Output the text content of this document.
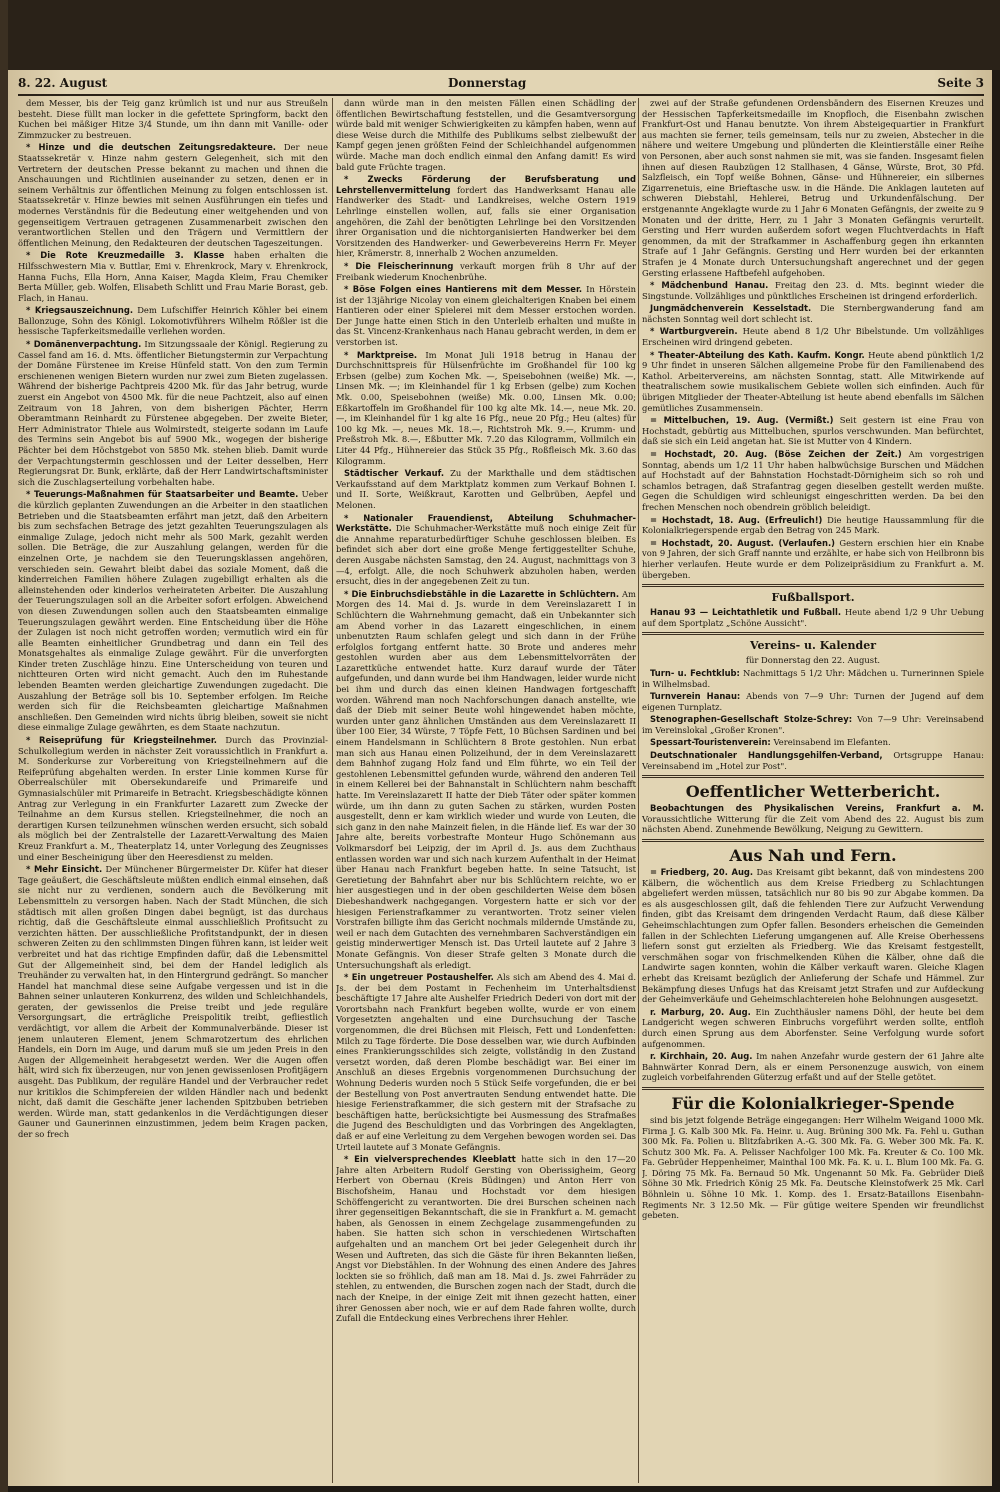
8. 22. August	Donnerstag	Seite 3

dem Messer, bis der Teig ganz krümlich ist und nur aus Streußeln besteht. Diese füllt man locker in die gefettete Springform, backt den Kuchen bei mäßiger Hitze 3/4 Stunde, um ihn dann mit Vanille- oder Zimmzucker zu bestreuen.

* Hinze und die deutschen Zeitungsredakteure. Der neue Staatssekretär v. Hinze nahm gestern Gelegenheit, sich mit den Vertretern der deutschen Presse bekannt zu machen und ihnen die Anschauungen und Richtlinien auseinander zu setzen, denen er in seinem Verhältnis zur öffentlichen Meinung zu folgen entschlossen ist. Staatssekretär v. Hinze bewies mit seinen Ausführungen ein tiefes und modernes Verständnis für die Bedeutung einer weitgehenden und von gegenseitigem Vertrauen getragenen Zusammenarbeit zwischen den verantwortlichen Stellen und den Trägern und Vermittlern der öffentlichen Meinung, den Redakteuren der deutschen Tageszeitungen.

* Die Rote Kreuzmedaille 3. Klasse haben erhalten die Hilfsschwestern Mia v. Buttlar, Emi v. Ehrenkrock, Mary v. Ehrenkrock, Hanna Fuchs, Ella Horn, Anna Kaiser, Magda Kleim, Frau Chemiker Berta Müller, geb. Wolfen, Elisabeth Schlitt und Frau Marie Borast, geb. Flach, in Hanau.

* Kriegsauszeichnung. Dem Lufschiffer Heinrich Köhler bei einem Ballonzuge, Sohn des Königl. Lokomotivführers Wilhelm Rößler ist die hessische Tapferkeitsmedaille verliehen worden.

* Domänenverpachtung. Im Sitzungssaale der Königl. Regierung zu Cassel fand am 16. d. Mts. öffentlicher Bietungstermin zur Verpachtung der Domäne Fürstenee im Kreise Hünfeld statt. Von den zum Termin erschienenen wenigen Bietern wurden nur zwei zum Bieten zugelassen. Während der bisherige Pachtpreis 4200 Mk. für das Jahr betrug, wurde zuerst ein Angebot von 4500 Mk. für die neue Pachtzeit, also auf einen Zeitraum von 18 Jahren, von dem bisherigen Pächter, Herrn Oberamtmann Reinhardt zu Fürstenee abgegeben. Der zweite Bieter, Herr Administrator Thiele aus Wolmirstedt, steigerte sodann im Laufe des Termins sein Angebot bis auf 5900 Mk., wogegen der bisherige Pächter bei dem Höchstgebot von 5850 Mk. stehen blieb. Damit wurde der Verpachtungstermin geschlossen und der Leiter desselben, Herr Regierungsrat Dr. Bunk, erklärte, daß der Herr Landwirtschaftsminister sich die Zuschlagserteilung vorbehalten habe.

* Teuerungs-Maßnahmen für Staatsarbeiter und Beamte. Ueber die kürzlich geplanten Zuwendungen an die Arbeiter in den staatlichen Betrieben und die Staatsbeamten erfährt man jetzt, daß den Arbeitern bis zum sechsfachen Betrage des jetzt gezahlten Teuerungszulagen als einmalige Zulage, jedoch nicht mehr als 500 Mark, gezahlt werden sollen. Die Beträge, die zur Auszahlung gelangen, werden für die einzelnen Orte, je nachdem sie den Teuerungsklassen angehören, verschieden sein. Gewahrt bleibt dabei das soziale Moment, daß die kinderreichen Familien höhere Zulagen zugebilligt erhalten als die alleinstehenden oder kinderlos verheirateten Arbeiter. Die Auszahlung der Teuerungszulagen soll an die Arbeiter sofort erfolgen. Abweichend von diesen Zuwendungen sollen auch den Staatsbeamten einmalige Teuerungszulagen gewährt werden. Eine Entscheidung über die Höhe der Zulagen ist noch nicht getroffen worden; vermutlich wird ein für alle Beamten einheitlicher Grundbetrag und dann ein Teil des Monatsgehaltes als einmalige Zulage gewährt. Für die unverforgten Kinder treten Zuschläge hinzu. Eine Unterscheidung von teuren und nichtteuren Orten wird nicht gemacht. Auch den im Ruhestande lebenden Beamten werden gleichartige Zuwendungen zugedacht. Die Auszahlung der Beträge soll bis 10. September erfolgen. Im Reiche werden sich für die Reichsbeamten gleichartige Maßnahmen anschließen. Den Gemeinden wird nichts übrig bleiben, soweit sie nicht diese einmalige Zulage gewährten, es dem Staate nachzutun.

* Reiseprüfung für Kriegsteilnehmer. Durch das Provinzial-Schulkollegium werden in nächster Zeit voraussichtlich in Frankfurt a. M. Sonderkurse zur Vorbereitung von Kriegsteilnehmern auf die Reifeprüfung abgehalten werden. In erster Linie kommen Kurse für Oberrealschüler mit Obersekundareife und Primareife und Gymnasialschüler mit Primareife in Betracht. Kriegsbeschädigte können Antrag zur Verlegung in ein Frankfurter Lazarett zum Zwecke der Teilnahme an dem Kursus stellen. Kriegsteilnehmer, die noch an derartigen Kursen teilzunehmen wünschen werden ersucht, sich sobald als möglich bei der Zentralstelle der Lazarett-Verwaltung des Maien Kreuz Frankfurt a. M., Theaterplatz 14, unter Vorlegung des Zeugnisses und einer Bescheinigung über den Heeresdienst zu melden.

* Mehr Einsicht. Der Münchener Bürgermeister Dr. Küfer hat dieser Tage geäußert, die Geschäftsleute müßten endlich einmal einsehen, daß sie nicht nur zu verdienen, sondern auch die Bevölkerung mit Lebensmitteln zu versorgen haben. Nach der Stadt München, die sich städtisch mit allen großen Dingen dabei begnügt, ist das durchaus richtig, daß die Geschäftsleute einmal ausschließlich Profitsucht zu verzichten hätten. Der ausschließliche Profitstandpunkt, der in diesen schweren Zeiten zu den schlimmsten Dingen führen kann, ist leider weit verbreitet und hat das richtige Empfinden dafür, daß die Lebensmittel Gut der Allgemeinheit sind, bei dem der Handel lediglich als Treuhänder zu verwalten hat, in den Hintergrund gedrängt. So mancher Handel hat manchmal diese seine Aufgabe vergessen und ist in die Bahnen seiner unlauteren Konkurrenz, des wilden und Schleichhandels, geraten, der gewissenlos die Preise treibt und jede reguläre Versorgungsart, die erträgliche Preispolitik treibt, gefliestlich verdächtigt, vor allem die Arbeit der Kommunalverbände. Dieser ist jenem unlauteren Element, jenem Schmarotzertum des ehrlichen Handels, ein Dorn im Auge, und darum muß sie um jeden Preis in den Augen der Allgemeinheit herabgesetzt werden. Wer die Augen offen hält, wird sich fix überzeugen, nur von jenen gewissenlosen Profitjägern ausgeht. Das Publikum, der reguläre Handel und der Verbraucher redet nur kritiklos die Schimpfereien der wilden Händler nach und bedenkt nicht, daß damit die Geschäfte jener lachenden Spitzbuben betrieben werden. Würde man, statt gedankenlos in die Verdächtigungen dieser Gauner und Gaunerinnen einzustimmen, jedem beim Kragen packen, der so frech

dann würde man in den meisten Fällen einen Schädling der öffentlichen Bewirtschaftung feststellen, und die Gesamtversorgung würde bald mit weniger Schwierigkeiten zu kämpfen haben, wenn auf diese Weise durch die Mithilfe des Publikums selbst zielbewußt der Kampf gegen jenen größten Feind der Schleichhandel aufgenommen würde. Mache man doch endlich einmal den Anfang damit! Es wird bald gute Früchte tragen.

* Zwecks Förderung der Berufsberatung und Lehrstellenvermittelung fordert das Handwerksamt Hanau alle Handwerker des Stadt- und Landkreises, welche Ostern 1919 Lehrlinge einstellen wollen, auf, falls sie einer Organisation angehören, die Zahl der benötigten Lehrlinge bei den Vorsitzenden ihrer Organisation und die nichtorganisierten Handwerker bei dem Vorsitzenden des Handwerker- und Gewerbevereins Herrn Fr. Meyer hier, Krämerstr. 8, innerhalb 2 Wochen anzumelden.

* Die Fleischerinnung verkauft morgen früh 8 Uhr auf der Freibank wiederum Knochenbrühe.

* Böse Folgen eines Hantierens mit dem Messer. In Hörstein ist der 13jährige Nicolay von einem gleichalterigen Knaben bei einem Hantieren oder einer Spielerei mit dem Messer erstochen worden. Der Junge hatte einen Stich in den Unterleib erhalten und mußte in das St. Vincenz-Krankenhaus nach Hanau gebracht werden, in dem er verstorben ist.

* Marktpreise. Im Monat Juli 1918 betrug in Hanau der Durchschnittspreis für Hülsenfrüchte im Großhandel für 100 kg Erbsen (gelbe) zum Kochen Mk. —, Speisebohnen (weiße) Mk. —, Linsen Mk. —; im Kleinhandel für 1 kg Erbsen (gelbe) zum Kochen Mk. 0.00, Speisebohnen (weiße) Mk. 0.00, Linsen Mk. 0.00; Eßkartoffeln im Großhandel für 100 kg alte Mk. 14.—, neue Mk. 20.—, im Kleinhandel für 1 kg alte 16 Pfg., neue 20 Pfg.; Heu (altes) für 100 kg Mk. —, neues Mk. 18.—, Richtstroh Mk. 9.—, Krumm- und Preßstroh Mk. 8.—, Eßbutter Mk. 7.20 das Kilogramm, Vollmilch ein Liter 44 Pfg., Hühnereier das Stück 35 Pfg., Roßfleisch Mk. 3.60 das Kilogramm.

Städtischer Verkauf. Zu der Markthalle und dem städtischen Verkaufsstand auf dem Marktplatz kommen zum Verkauf Bohnen I. und II. Sorte, Weißkraut, Karotten und Gelbrüben, Aepfel und Melonen.

* Nationaler Frauendienst, Abteilung Schuhmacher-Werkstätte. Die Schuhmacher-Werkstätte muß noch einige Zeit für die Annahme reparaturbedürftiger Schuhe geschlossen bleiben. Es befindet sich aber dort eine große Menge fertiggestellter Schuhe, deren Ausgabe nächsten Samstag, den 24. August, nachmittags von 3—4, erfolgt. Alle, die noch Schuhwerk abzuholen haben, werden ersucht, dies in der angegebenen Zeit zu tun.

* Die Einbruchsdiebstähle in die Lazarette in Schlüchtern. Am Morgen des 14. Mai d. Js. wurde in dem Vereinslazarett I in Schlüchtern die Wahrnehmung gemacht, daß ein Unbekannter sich am Abend vorher in das Lazarett eingeschlichen, in einem unbenutzten Raum schlafen gelegt und sich dann in der Frühe erfolglos fortgang entfernt hatte. 30 Brote und anderes mehr gestohlen wurden aber aus dem Lebensmittelvorräten der Lazarettküche entwendet hatte. Kurz darauf wurde der Täter aufgefunden, und dann wurde bei ihm Handwagen, leider wurde nicht bei ihm und durch das einen kleinen Handwagen fortgeschafft worden. Während man noch Nachforschungen danach anstellte, wie daß der Dieb mit seiner Beute wohl hingewendet haben möchte, wurden unter ganz ähnlichen Umständen aus dem Vereinslazarett II über 100 Eier, 34 Würste, 7 Töpfe Fett, 10 Büchsen Sardinen und bei einem Handelsmann in Schlüchtern 8 Brote gestohlen. Nun erbat man sich aus Hanau einen Polizeihund, der in dem Vereinslazarett dem Bahnhof zugang Holz fand und Elm führte, wo ein Teil der gestohlenen Lebensmittel gefunden wurde, während den anderen Teil in einem Kellerei bei der Bahnanstalt in Schlüchtern nahm beschafft hatte. Im Vereinslazarett II hatte der Dieb Täter oder später kommen würde, um ihn dann zu guten Sachen zu stärken, wurden Posten ausgestellt, denn er kam wirklich wieder und wurde von Leuten, die sich ganz in den nahe Mainzeit fielen, in die Hände lief. Es war der 30 Jahre alte, bereits vorbestrafte Monteur Hugo Schönemann aus Volkmarsdorf bei Leipzig, der im April d. Js. aus dem Zuchthaus entlassen worden war und sich nach kurzem Aufenthalt in der Heimat über Hanau nach Frankfurt begeben hatte. In seine Tatsucht, ist Geretietung der Bahnfahrt aber nur bis Schlüchtern reichte, wo er hier ausgestiegen und in der oben geschilderten Weise dem bösen Diebeshandwerk nachgegangen. Vorgestern hatte er sich vor der hiesigen Ferienstrafkammer zu verantworten. Trotz seiner vielen Vorstrafen billigte ihm das Gericht nochmals mildernde Umstände zu, weil er nach dem Gutachten des vernehmbaren Sachverständigen ein geistig minderwertiger Mensch ist. Das Urteil lautete auf 2 Jahre 3 Monate Gefängnis. Von dieser Strafe gelten 3 Monate durch die Untersuchungshaft als erledigt.

* Ein ungetreuer Postaushelfer. Als sich am Abend des 4. Mai d. Js. der bei dem Postamt in Fechenheim im Unterhaltsdienst beschäftigte 17 Jahre alte Aushelfer Friedrich Dederi von dort mit der Vorortsbahn nach Frankfurt begeben wollte, wurde er von einem Vorgesetzten angehalten und eine Durchsuchung der Tasche vorgenommen, die drei Büchsen mit Fleisch, Fett und Londenfetten: Milch zu Tage förderte. Die Dose desselben war, wie durch Aufbinden eines Frankierungsschildes sich zeigte, vollständig in den Zustand versetzt worden, daß deren Plombe beschädigt war. Bei einer im Anschluß an dieses Ergebnis vorgenommenen Durchsuchung der Wohnung Dederis wurden noch 5 Stück Seife vorgefunden, die er bei der Bestellung von Post anvertrauten Sendung entwendet hatte. Die hiesige Ferienstrafkammer, die sich gestern mit der Strafsache zu beschäftigen hatte, berücksichtigte bei Ausmessung des Strafmaßes die Jugend des Beschuldigten und das Vorbringen des Angeklagten, daß er auf eine Verleitung zu dem Vergehen bewogen worden sei. Das Urteil lautete auf 3 Monate Gefängnis.

* Ein vielversprechendes Kleeblatt hatte sich in den 17—20 Jahre alten Arbeitern Rudolf Gersting von Oberissigheim, Georg Herbert von Obernau (Kreis Büdingen) und Anton Herr von Bischofsheim, Hanau und Hochstadt vor dem hiesigen Schöffengericht zu verantworten. Die drei Burschen scheinen nach ihrer gegenseitigen Bekanntschaft, die sie in Frankfurt a. M. gemacht haben, als Genossen in einem Zechgelage zusammengefunden zu haben. Sie hatten sich schon in verschiedenen Wirtschaften aufgehalten und an manchem Ort bei jeder Gelegenheit durch ihr Wesen und Auftreten, das sich die Gäste für ihren Bekannten ließen, Angst vor Diebstählen. In der Wohnung des einen Andere des Jahres lockten sie so fröhlich, daß man am 18. Mai d. Js. zwei Fahrräder zu stehlen, zu entwenden, die Burschen zogen nach der Stadt, durch die nach der Kneipe, in der einige Zeit mit ihnen gezecht hatten, einer ihrer Genossen aber noch, wie er auf dem Rade fahren wollte, durch Zufall die Entdeckung eines Verbrechens ihrer Hehler.

zwei auf der Straße gefundenen Ordensbändern des Eisernen Kreuzes und der Hessischen Tapferkeitsmedaille im Knopfloch, die Eisenbahn zwischen Frankfurt-Ost und Hanau benutzte. Von ihrem Absteigequartier in Frankfurt aus machten sie ferner, teils gemeinsam, teils nur zu zweien, Abstecher in die nähere und weitere Umgebung und plünderten die Kleintierställe einer Reihe von Personen, aber auch sonst nahmen sie mit, was sie fanden. Insgesamt fielen ihnen auf diesen Raubzügen 12 Stallhasen, 4 Gänse, Würste, Brot, 30 Pfd. Salzfleisch, ein Topf weiße Bohnen, Gänse- und Hühnereier, ein silbernes Zigarrenetuis, eine Brieftasche usw. in die Hände. Die Anklagen lauteten auf schweren Diebstahl, Hehlerei, Betrug und Urkundenfälschung. Der erstgenannte Angeklagte wurde zu 1 Jahr 6 Monaten Gefängnis, der zweite zu 9 Monaten und der dritte, Herr, zu 1 Jahr 3 Monaten Gefängnis verurteilt. Gersting und Herr wurden außerdem sofort wegen Fluchtverdachts in Haft genommen, da mit der Strafkammer in Aschaffenburg gegen ihn erkannten Strafe auf 1 Jahr Gefängnis. Gersting und Herr wurden bei der erkannten Strafen je 4 Monate durch Untersuchungshaft angerechnet und der gegen Gersting erlassene Haftbefehl aufgehoben.

* Mädchenbund Hanau. Freitag den 23. d. Mts. beginnt wieder die Singstunde. Vollzähliges und pünktliches Erscheinen ist dringend erforderlich.

Jungmädchenverein Kesselstadt. Die Sternbergwanderung fand am nächsten Sonntag weil dort schlecht ist.

* Wartburgverein. Heute abend 8 1/2 Uhr Bibelstunde. Um vollzähliges Erscheinen wird dringend gebeten.

* Theater-Abteilung des Kath. Kaufm. Kongr. Heute abend pünktlich 1/2 9 Uhr findet in unseren Sälchen allgemeine Probe für den Familienabend des Kathol. Arbeitervereins, am nächsten Sonntag, statt. Alle Mitwirkende auf theatralischem sowie musikalischem Gebiete wollen sich einfinden. Auch für übrigen Mitglieder der Theater-Abteilung ist heute abend ebenfalls im Sälchen gemütliches Zusammensein.

= Mittelbuchen, 19. Aug. (Vermißt.) Seit gestern ist eine Frau von Hochstadt, gebürtig aus Mittelbuchen, spurlos verschwunden. Man befürchtet, daß sie sich ein Leid angetan hat. Sie ist Mutter von 4 Kindern.

= Hochstadt, 20. Aug. (Böse Zeichen der Zeit.) Am vorgestrigen Sonntag, abends um 1/2 11 Uhr haben halbwüchsige Burschen und Mädchen auf Hochstadt auf der Bahnstation Hochstadt-Dörnigheim sich so roh und schamlos betragen, daß Strafantrag gegen dieselben gestellt werden mußte. Gegen die Schuldigen wird schleunigst eingeschritten werden. Da bei den frechen Menschen noch obendrein gröblich beleidigt.

= Hochstadt, 18. Aug. (Erfreulich!) Die heutige Haussammlung für die Kolonialkriegerspende ergab den Betrag von 245 Mark.

= Hochstadt, 20. August. (Verlaufen.) Gestern erschien hier ein Knabe von 9 Jahren, der sich Graff nannte und erzählte, er habe sich von Heilbronn bis hierher verlaufen. Heute wurde er dem Polizeipräsidium zu Frankfurt a. M. übergeben.

Fußballsport.

Hanau 93 — Leichtathletik und Fußball. Heute abend 1/2 9 Uhr Uebung auf dem Sportplatz „Schöne Aussicht".

Vereins- u. Kalender

für Donnerstag den 22. August.

Turn- u. Fechtklub: Nachmittags 5 1/2 Uhr: Mädchen u. Turnerinnen Spiele in Wilhelmsbad.

Turnverein Hanau: Abends von 7—9 Uhr: Turnen der Jugend auf dem eigenen Turnplatz.

Stenographen-Gesellschaft Stolze-Schrey: Von 7—9 Uhr: Vereinsabend im Vereinslokal „Großer Kronen".

Spessart-Touristenverein: Vereinsabend im Elefanten.

Deutschnationaler Handlungsgehilfen-Verband, Ortsgruppe Hanau: Vereinsabend im „Hotel zur Post".

Oeffentlicher Wetterbericht.

Beobachtungen des Physikalischen Vereins, Frankfurt a. M. Voraussichtliche Witterung für die Zeit vom Abend des 22. August bis zum nächsten Abend. Zunehmende Bewölkung, Neigung zu Gewittern.

Aus Nah und Fern.

= Friedberg, 20. Aug. Das Kreisamt gibt bekannt, daß von mindestens 200 Kälbern, die wöchentlich aus dem Kreise Friedberg zu Schlachtungen abgeliefert werden müssen, tatsächlich nur 80 bis 90 zur Abgabe kommen. Da es als ausgeschlossen gilt, daß die fehlenden Tiere zur Aufzucht Verwendung finden, gibt das Kreisamt dem dringenden Verdacht Raum, daß diese Kälber Geheimschlachtungen zum Opfer fallen. Besonders erheischen die Gemeinden fallen in der Schlechten Lieferung umgangenen auf. Alle Kreise Oberhessens liefern sonst gut erzielten als Friedberg. Wie das Kreisamt festgestellt, verschmähen sogar von frischmelkenden Kühen die Kälber, ohne daß die Landwirte sagen konnten, wohin die Kälber verkauft waren. Gleiche Klagen erhebt das Kreisamt bezüglich der Anlieferung der Schafe und Hämmel. Zur Bekämpfung dieses Unfugs hat das Kreisamt jetzt Strafen und zur Aufdeckung der Geheimverkäufe und Geheimschlachtereien hohe Belohnungen ausgesetzt.

r. Marburg, 20. Aug. Ein Zuchthäusler namens Döhl, der heute bei dem Landgericht wegen schweren Einbruchs vorgeführt werden sollte, entfloh durch einen Sprung aus dem Aborfenster. Seine Verfolgung wurde sofort aufgenommen.

r. Kirchhain, 20. Aug. Im nahen Anzefahr wurde gestern der 61 Jahre alte Bahnwärter Konrad Dern, als er einem Personenzuge auswich, von einem zugleich vorbeifahrenden Güterzug erfaßt und auf der Stelle getötet.

Für die Kolonialkrieger-Spende

sind bis jetzt folgende Beträge eingegangen: Herr Wilhelm Weigand 1000 Mk. Firma J. G. Kalb 300 Mk. Fa. Heinr. u. Aug. Brüning 300 Mk. Fa. Fehl u. Guthan 300 Mk. Fa. Polien u. Blitzfabriken A.-G. 300 Mk. Fa. G. Weber 300 Mk. Fa. K. Schutz 300 Mk. Fa. A. Pelisser Nachfolger 100 Mk. Fa. Kreuter & Co. 100 Mk. Fa. Gebrüder Heppenheimer, Mainthal 100 Mk. Fa. K. u. L. Blum 100 Mk. Fa. G. J. Döring 75 Mk. Fa. Bernaud 50 Mk. Ungenannt 50 Mk. Fa. Gebrüder Dieß Söhne 30 Mk. Friedrich König 25 Mk. Fa. Deutsche Kleinstofwerk 25 Mk. Carl Böhnlein u. Söhne 10 Mk. 1. Komp. des 1. Ersatz-Bataillons Eisenbahn-Regiments Nr. 3 12.50 Mk. — Für gütige weitere Spenden wir freundlichst gebeten.
